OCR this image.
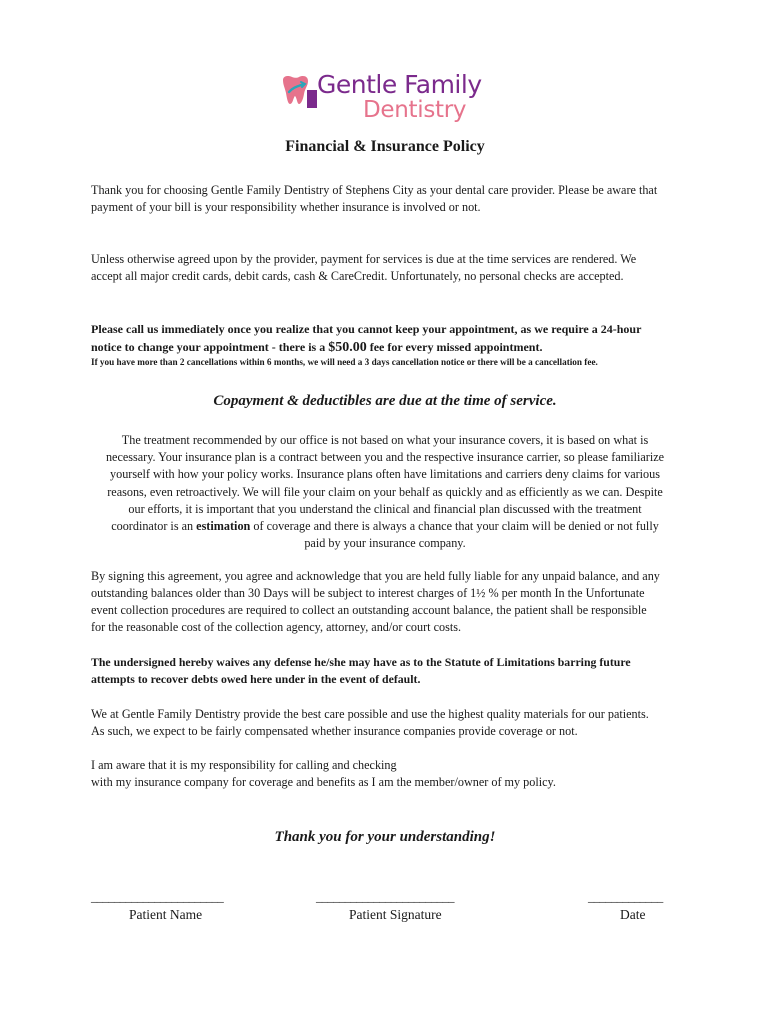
Gentle Family
Dentistry
Financial & Insurance Policy

Thank you for choosing Gentle Family Dentistry of Stephens City as your dental care provider. Please be aware that
payment of your bill is your responsibility whether insurance is involved or not.

Unless otherwise agreed upon by the provider, payment for services is due at the time services are rendered. We
accept all major credit cards, debit cards, cash & CareCredit. Unfortunately, no personal checks are accepted.

Please call us immediately once you realize that you cannot keep your appointment, as we require a 24-hour
notice to change your appointment - there is a $50.00 fee for every missed appointment.

If you have more than 2 cancellations within 6 months, we will need a 3 days cancellation notice or there will be a cancellation fee.
Copayment & deductibles are due at the time of service.
The treatment recommended by our office is not based on what your insurance covers, it is based on what is
necessary. Your insurance plan is a contract between you and the respective insurance carrier, so please familiarize
yourself with how your policy works. Insurance plans often have limitations and carriers deny claims for various
reasons, even retroactively. We will file your claim on your behalf as quickly and as efficiently as we can. Despite
our efforts, it is important that you understand the clinical and financial plan discussed with the treatment
coordinator is an estimation of coverage and there is always a chance that your claim will be denied or not fully
paid by your insurance company.

By signing this agreement, you agree and acknowledge that you are held fully liable for any unpaid balance, and any
outstanding balances older than 30 Days will be subject to interest charges of 1½ % per month In the Unfortunate
event collection procedures are required to collect an outstanding account balance, the patient shall be responsible
for the reasonable cost of the collection agency, attorney, and/or court costs.

The undersigned hereby waives any defense he/she may have as to the Statute of Limitations barring future
attempts to recover debts owed here under in the event of default.

We at Gentle Family Dentistry provide the best care possible and use the highest quality materials for our patients.
As such, we expect to be fairly compensated whether insurance companies provide coverage or not.

I am aware that it is my responsibility for calling and checking
with my insurance company for coverage and benefits as I am the member/owner of my policy.

Thank you for your understanding!
_______________________
Patient Name
________________________
Patient Signature
_____________
Date
